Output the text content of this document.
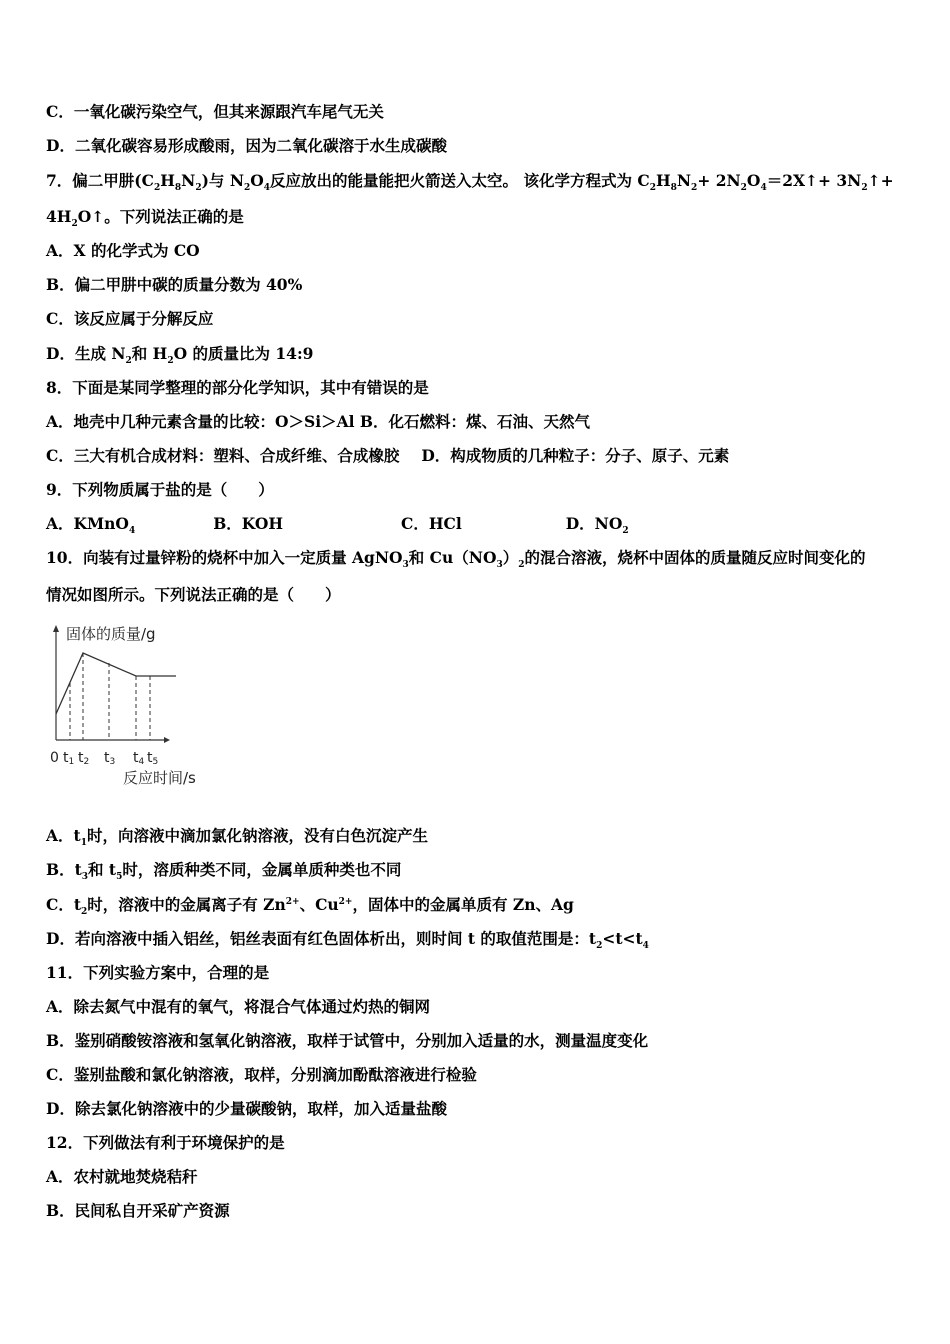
C．一氧化碳污染空气，但其来源跟汽车尾气无关
D．二氧化碳容易形成酸雨，因为二氧化碳溶于水生成碳酸
7．偏二甲肼$(C_2H_8N_2)$与 $N_2O_4$反应放出的能量能把火箭送入太空。 该化学方程式为 $C_2H_8N_2+$ $2N_2O_4=2X↑+$ $3N_2↑+$
$4H_2O↑$。下列说法正确的是
A．X 的化学式为 CO
B．偏二甲肼中碳的质量分数为 40%
C．该反应属于分解反应
D．生成 $N_2$和 $H_2O$ 的质量比为 14:9
8．下面是某同学整理的部分化学知识，其中有错误的是
A．地壳中几种元素含量的比较：O＞Si＞Al B．化石燃料：煤、石油、天然气
C．三大有机合成材料：塑料、合成纤维、合成橡胶 D．构成物质的几种粒子：分子、原子、元素
9．下列物质属于盐的是（　　）
A．KMnO$_4$	B．KOH	C．HCl	D．$NO_2$
10．向装有过量锌粉的烧杯中加入一定质量 AgNO$_3$和 $Cu(NO_3)_2$的混合溶液，烧杯中固体的质量随反应时间变化的
情况如图所示。下列说法正确的是（　　）
固体的质量/g
0 t1 t2 t3 t4 t5
反应时间/s
A．$t_1$时，向溶液中滴加氯化钠溶液，没有白色沉淀产生
B．$t_3$和 $t_5$时，溶质种类不同，金属单质种类也不同
C．$t_2$时，溶液中的金属离子有 $Zn^{2+}$、$Cu^{2+}$，固体中的金属单质有 Zn、Ag
D．若向溶液中插入铝丝，铝丝表面有红色固体析出，则时间 t 的取值范围是：$t_2<t<t_4$
11．下列实验方案中，合理的是
A．除去氮气中混有的氧气，将混合气体通过灼热的铜网
B．鉴别硝酸铵溶液和氢氧化钠溶液，取样于试管中，分别加入适量的水，测量温度变化
C．鉴别盐酸和氯化钠溶液，取样，分别滴加酚酞溶液进行检验
D．除去氯化钠溶液中的少量碳酸钠，取样，加入适量盐酸
12．下列做法有利于环境保护的是
A．农村就地焚烧秸秆
B．民间私自开采矿产资源
